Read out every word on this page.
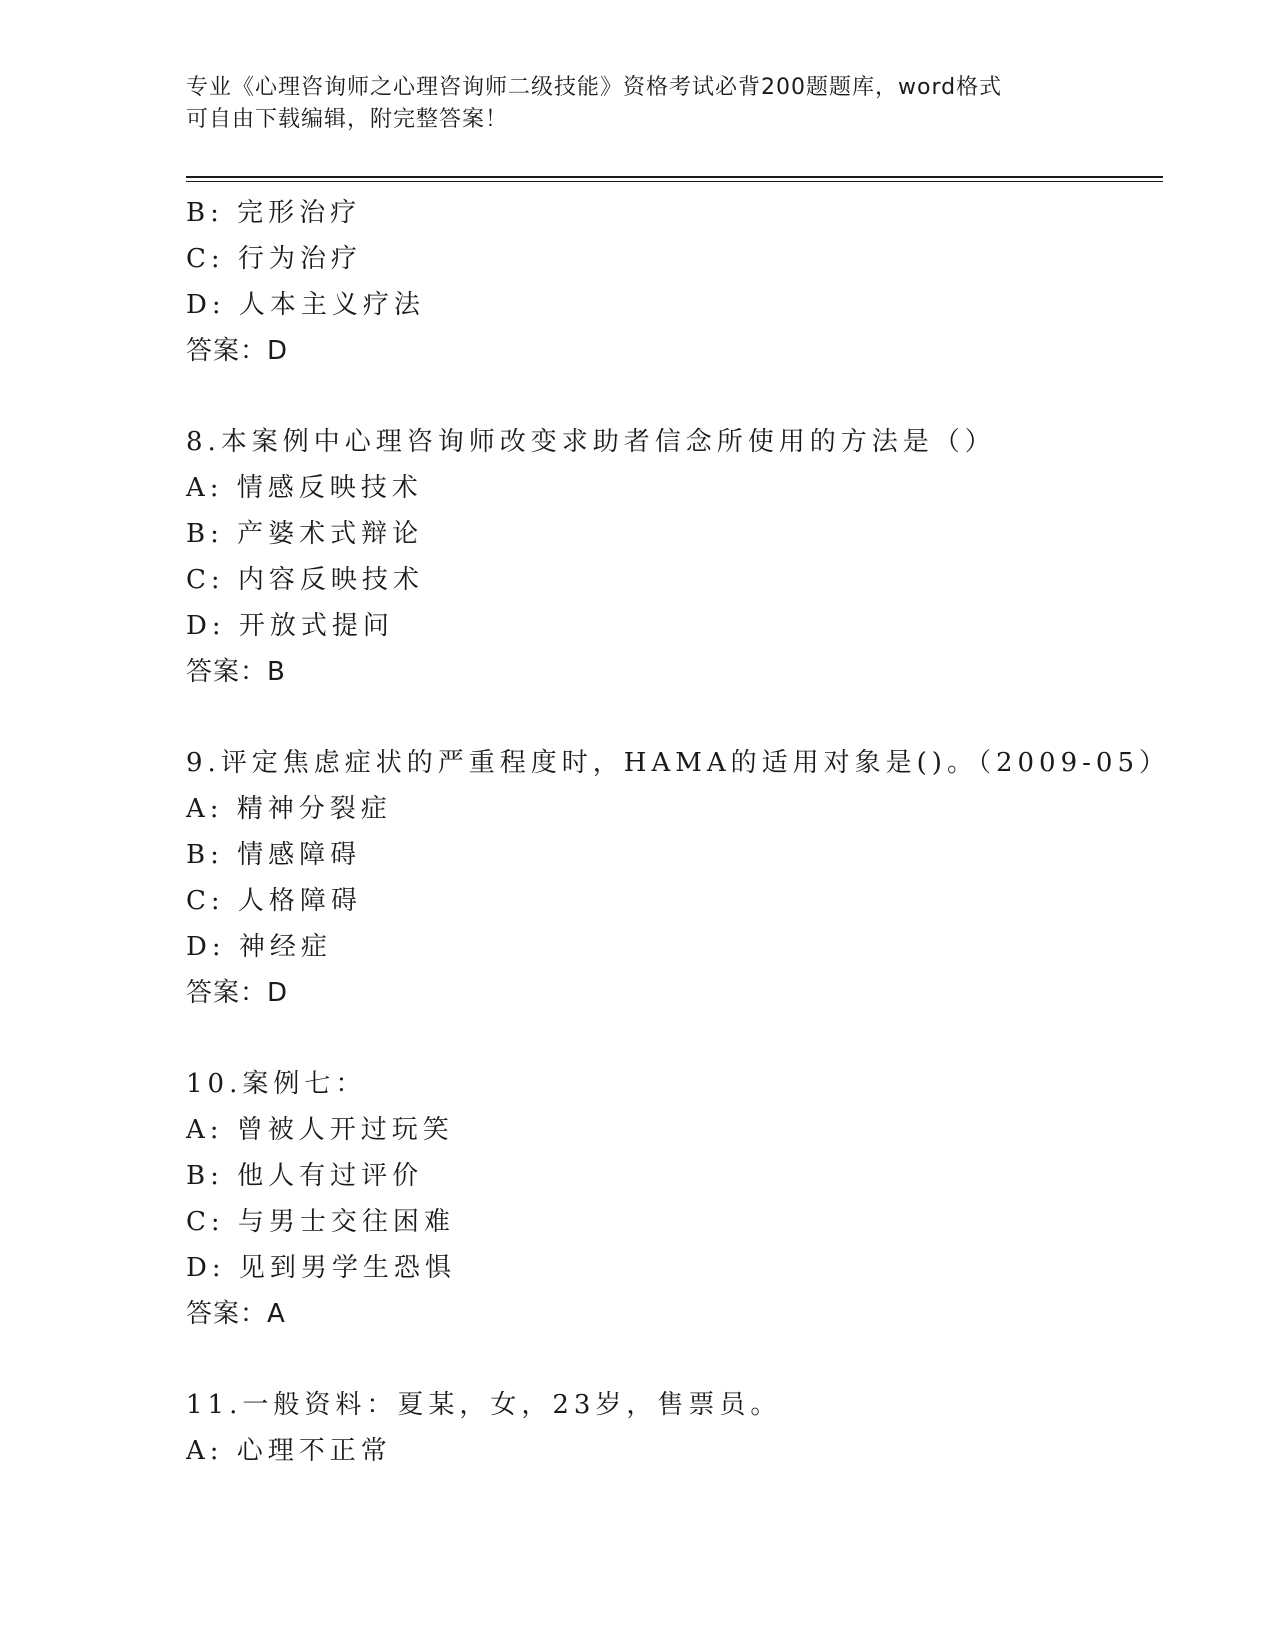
专业《心理咨询师之心理咨询师二级技能》资格考试必背200题题库，word格式
可自由下载编辑，附完整答案！
B: 完形治疗
C: 行为治疗
D: 人本主义疗法
答案：D
8.本案例中心理咨询师改变求助者信念所使用的方法是（）
A: 情感反映技术
B: 产婆术式辩论
C: 内容反映技术
D: 开放式提问
答案：B
9.评定焦虑症状的严重程度时，HAMA的适用对象是()。（2009-05）
A: 精神分裂症
B: 情感障碍
C: 人格障碍
D: 神经症
答案：D
10.案例七：
A: 曾被人开过玩笑
B: 他人有过评价
C: 与男士交往困难
D: 见到男学生恐惧
答案：A
11.一般资料：夏某，女，23岁，售票员。
A: 心理不正常
